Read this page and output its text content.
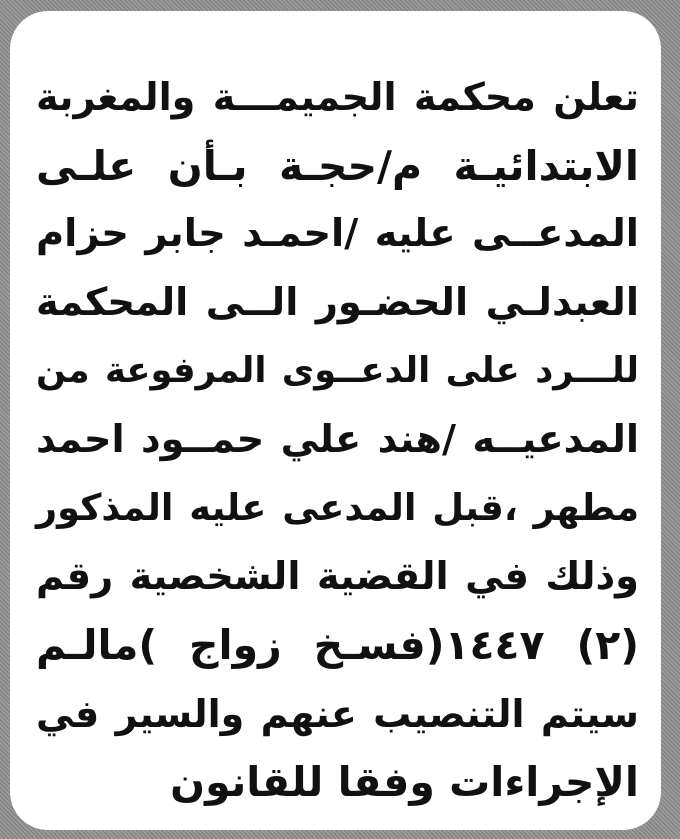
تعلن محكمة الجميمـــة والمغربة
الابتدائيـة م/حجـة بـأن علـى
المدعــى عليه /احمـد جابر حزام
العبدلـي الحضـور الــى المحكمة
للـــرد على الدعــوى المرفوعة من
المدعيــه /هند علي حمــود احمد
مطهر ،قبل المدعى عليه المذكور
وذلك في القضية الشخصية رقم
(٢) ١٤٤٧(فسـخ زواج )مالـم
سيتم التنصيب عنهم والسير في
الإجراءات وفقا للقانون
